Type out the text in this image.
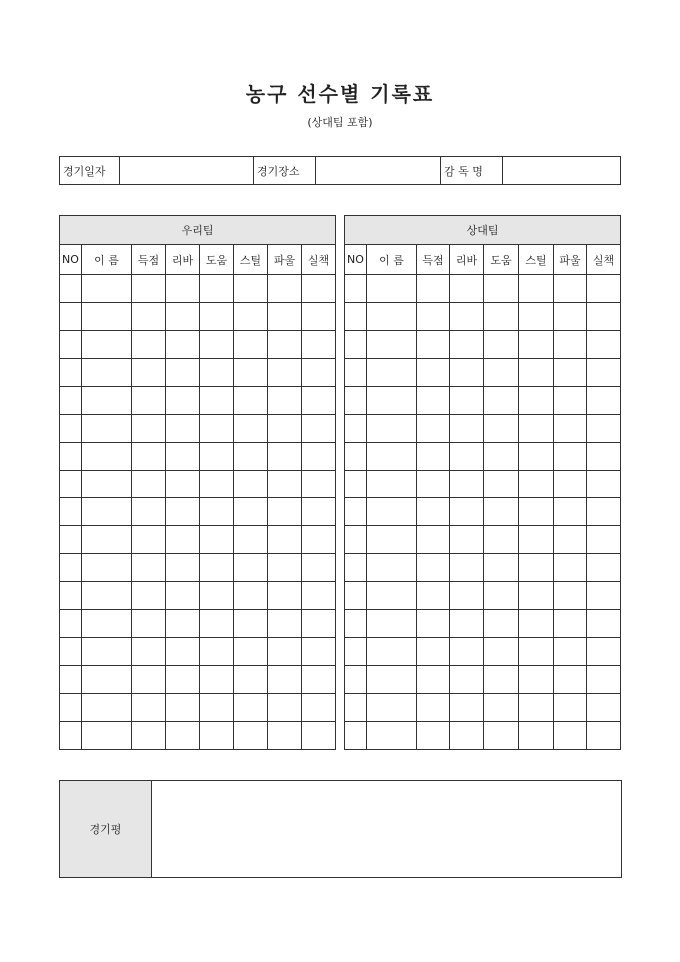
농구 선수별 기록표
(상대팀 포함)
경기일자		경기장소		감 독 명	
우리팀							
NO	이 름	득점	리바	도움	스틸	파울	실책

상대팀							
NO	이 름	득점	리바	도움	스틸	파울	실책

경기평	
